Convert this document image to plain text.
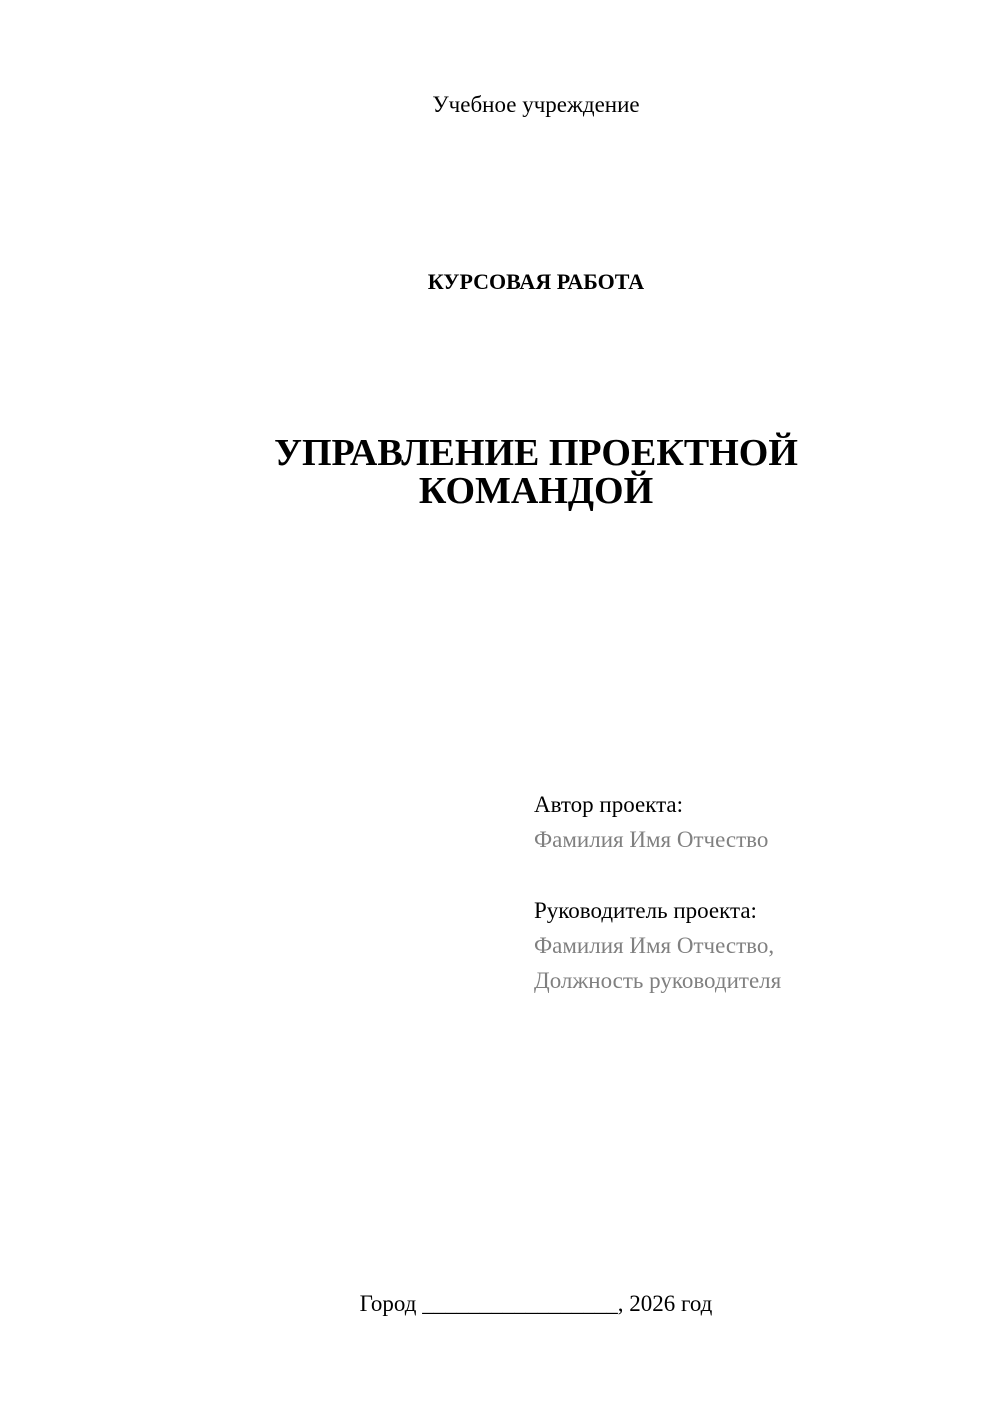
Учебное учреждение
КУРСОВАЯ РАБОТА
УПРАВЛЕНИЕ ПРОЕКТНОЙ
КОМАНДОЙ
Автор проекта:
Фамилия Имя Отчество
Руководитель проекта:
Фамилия Имя Отчество,
Должность руководителя
Город _________________, 2026 год
